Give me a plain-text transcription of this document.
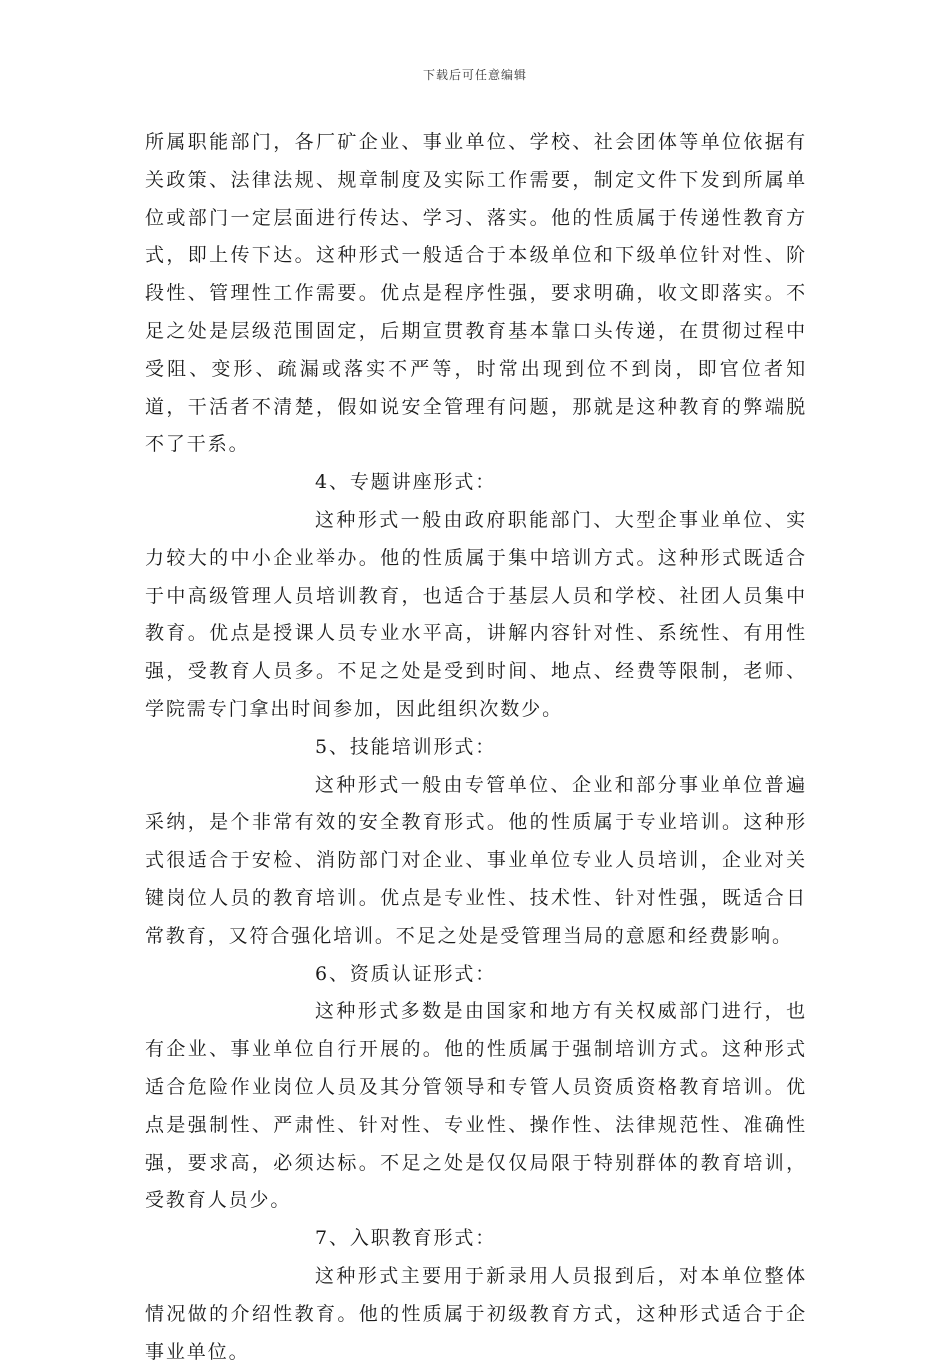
下载后可任意编辑

所属职能部门，各厂矿企业、事业单位、学校、社会团体等单位依据有关政策、法律法规、规章制度及实际工作需要，制定文件下发到所属单位或部门一定层面进行传达、学习、落实。他的性质属于传递性教育方式，即上传下达。这种形式一般适合于本级单位和下级单位针对性、阶段性、管理性工作需要。优点是程序性强，要求明确，收文即落实。不足之处是层级范围固定，后期宣贯教育基本靠口头传递，在贯彻过程中受阻、变形、疏漏或落实不严等，时常出现到位不到岗，即官位者知道，干活者不清楚，假如说安全管理有问题，那就是这种教育的弊端脱不了干系。

4、专题讲座形式：

这种形式一般由政府职能部门、大型企事业单位、实力较大的中小企业举办。他的性质属于集中培训方式。这种形式既适合于中高级管理人员培训教育，也适合于基层人员和学校、社团人员集中教育。优点是授课人员专业水平高，讲解内容针对性、系统性、有用性强，受教育人员多。不足之处是受到时间、地点、经费等限制，老师、学院需专门拿出时间参加，因此组织次数少。

5、技能培训形式：

这种形式一般由专管单位、企业和部分事业单位普遍采纳，是个非常有效的安全教育形式。他的性质属于专业培训。这种形式很适合于安检、消防部门对企业、事业单位专业人员培训，企业对关键岗位人员的教育培训。优点是专业性、技术性、针对性强，既适合日常教育，又符合强化培训。不足之处是受管理当局的意愿和经费影响。

6、资质认证形式：

这种形式多数是由国家和地方有关权威部门进行，也有企业、事业单位自行开展的。他的性质属于强制培训方式。这种形式适合危险作业岗位人员及其分管领导和专管人员资质资格教育培训。优点是强制性、严肃性、针对性、专业性、操作性、法律规范性、准确性强，要求高，必须达标。不足之处是仅仅局限于特别群体的教育培训，受教育人员少。

7、入职教育形式：

这种形式主要用于新录用人员报到后，对本单位整体情况做的介绍性教育。他的性质属于初级教育方式，这种形式适合于企事业单位。
